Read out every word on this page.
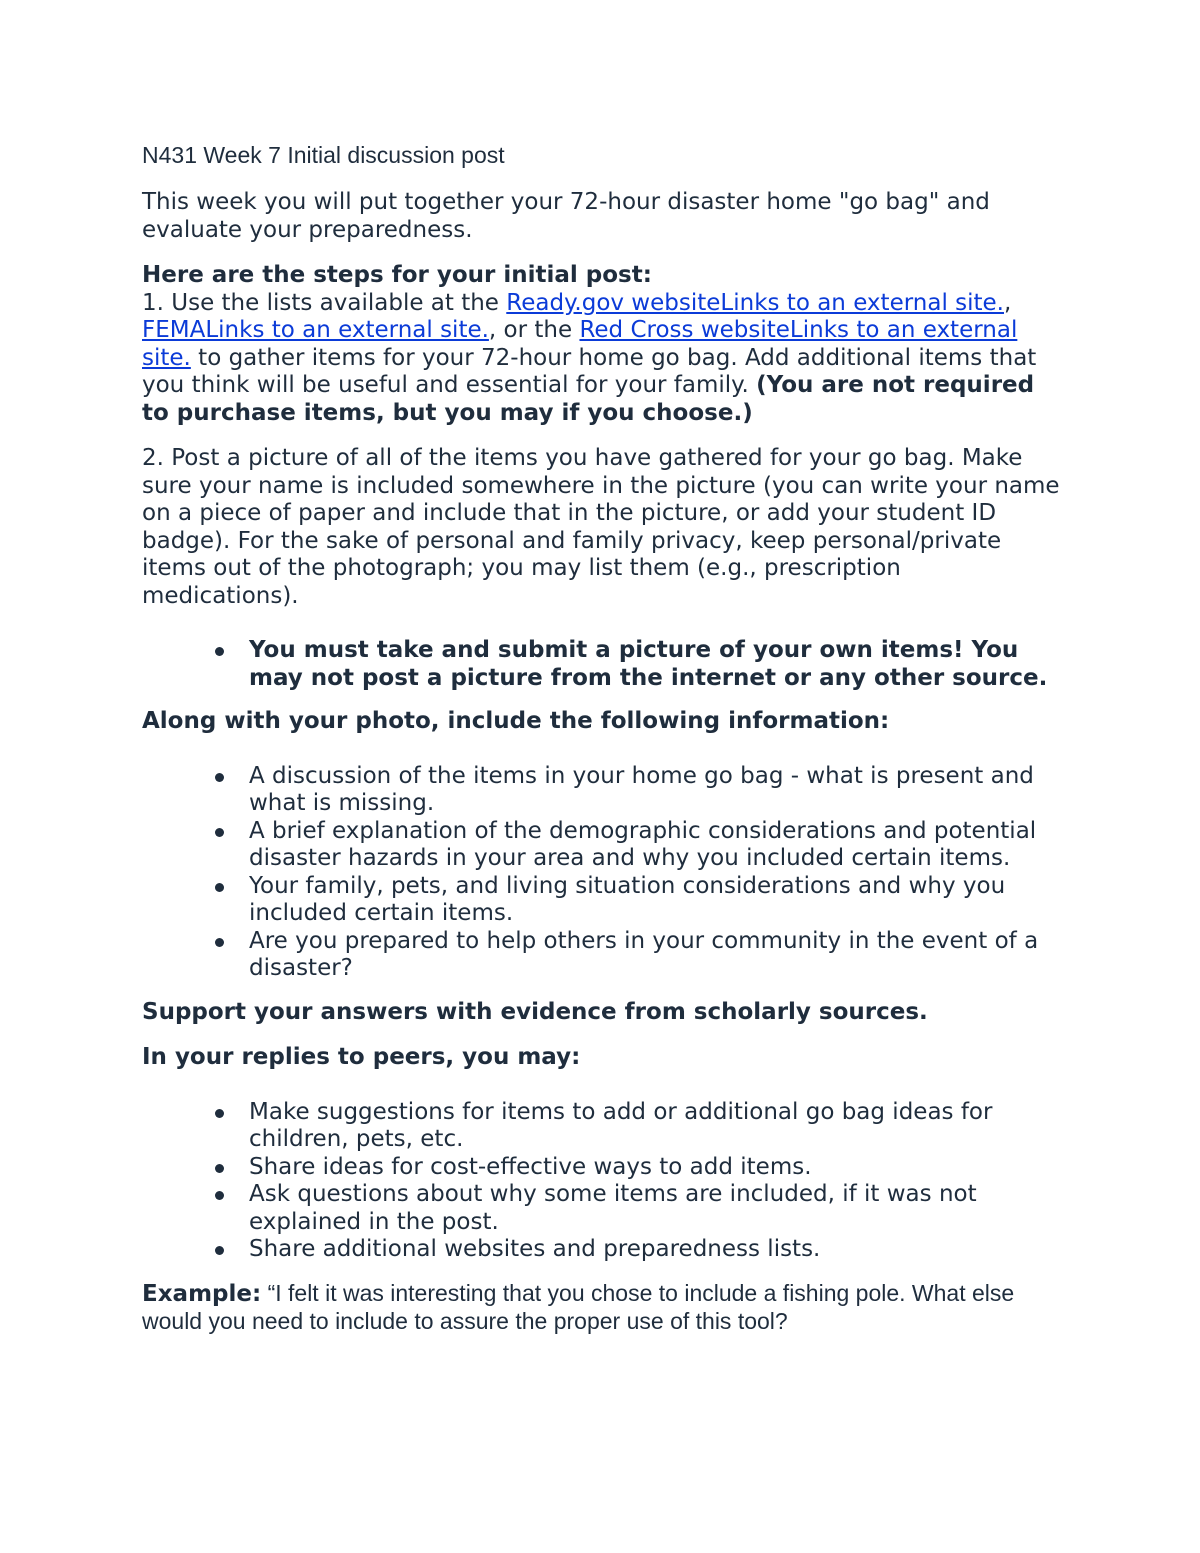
N431 Week 7 Initial discussion post

This week you will put together your 72-hour disaster home "go bag" and evaluate your preparedness.

Here are the steps for your initial post:
1. Use the lists available at the Ready.gov websiteLinks to an external site., FEMALinks to an external site., or the Red Cross websiteLinks to an external site. to gather items for your 72-hour home go bag. Add additional items that you think will be useful and essential for your family. (You are not required to purchase items, but you may if you choose.)

2. Post a picture of all of the items you have gathered for your go bag. Make sure your name is included somewhere in the picture (you can write your name on a piece of paper and include that in the picture, or add your student ID badge). For the sake of personal and family privacy, keep personal/private items out of the photograph; you may list them (e.g., prescription medications).

You must take and submit a picture of your own items! You may not post a picture from the internet or any other source.

Along with your photo, include the following information:

A discussion of the items in your home go bag - what is present and what is missing.
A brief explanation of the demographic considerations and potential disaster hazards in your area and why you included certain items.
Your family, pets, and living situation considerations and why you included certain items.
Are you prepared to help others in your community in the event of a disaster?

Support your answers with evidence from scholarly sources.

In your replies to peers, you may:

Make suggestions for items to add or additional go bag ideas for children, pets, etc.
Share ideas for cost-effective ways to add items.
Ask questions about why some items are included, if it was not explained in the post.
Share additional websites and preparedness lists.

Example: “I felt it was interesting that you chose to include a fishing pole. What else would you need to include to assure the proper use of this tool?
